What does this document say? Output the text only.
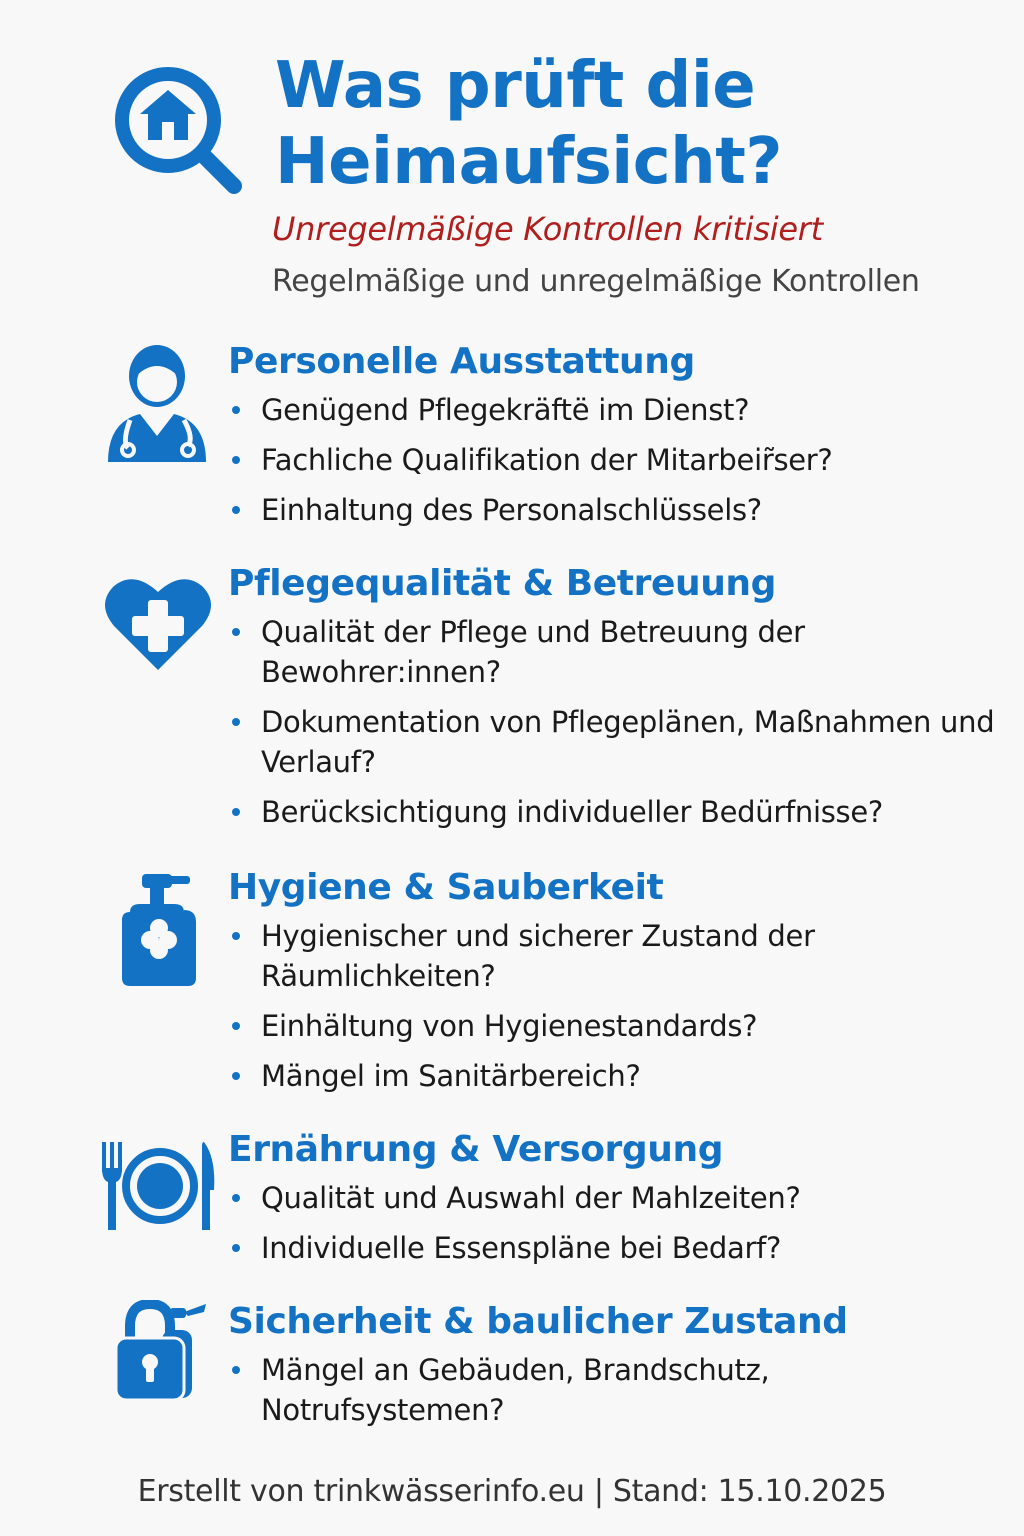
Was prüft die Heimaufsicht?
Unregelmäßige Kontrollen kritisiert
Regelmäßige und unregelmäßige Kontrollen
Personelle Ausstattung
Genügend Pflegekräftë im Dienst?
Fachliche Qualifikation der Mitarbeir̃ser?
Einhaltung des Personalschlüssels?
Pflegequalität & Betreuung
Qualität der Pflege und Betreuung der Bewohrer:innen?
Dokumentation von Pflegeplänen, Maßnahmen und Verlauf?
Berücksichtigung individueller Bedürfnisse?
Hygiene & Sauberkeit
Hygienischer und sicherer Zustand der Räumlichkeiten?
Einhältung von Hygienestandards?
Mängel im Sanitärbereich?
Ernährung & Versorgung
Qualität und Auswahl der Mahlzeiten?
Individuelle Essenspläne bei Bedarf?
Sicherheit & baulicher Zustand
Mängel an Gebäuden, Brandschutz, Notrufsystemen?
Erstellt von trinkwässerinfo.eu | Stand: 15.10.2025
